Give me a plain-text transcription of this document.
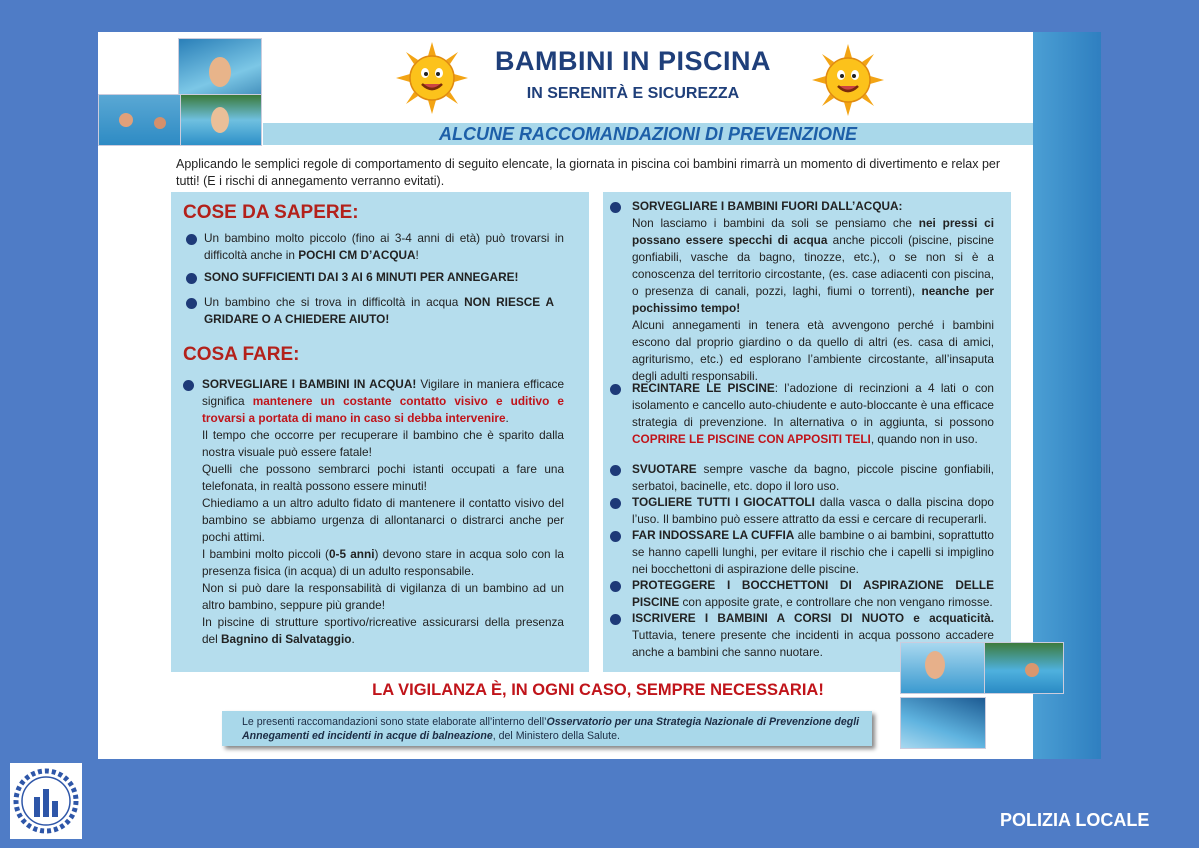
BAMBINI IN PISCINA
IN SERENITÀ E SICUREZZA
ALCUNE RACCOMANDAZIONI DI PREVENZIONE
Applicando le semplici regole di comportamento di seguito elencate, la giornata in piscina coi bambini rimarrà un momento di divertimento e relax per tutti! (E i rischi di annegamento verranno evitati).
COSE DA SAPERE:
Un bambino molto piccolo (fino ai 3-4 anni di età) può trovarsi in difficoltà anche in POCHI CM D’ACQUA!
SONO SUFFICIENTI DAI 3 AI 6 MINUTI PER ANNEGARE!
Un bambino che si trova in difficoltà in acqua NON RIESCE A GRIDARE O A CHIEDERE AIUTO!
COSA FARE:
SORVEGLIARE I BAMBINI IN ACQUA! Vigilare in maniera efficace significa mantenere un costante contatto visivo e uditivo e trovarsi a portata di mano in caso si debba intervenire.
Il tempo che occorre per recuperare il bambino che è sparito dalla nostra visuale può essere fatale!
Quelli che possono sembrarci pochi istanti occupati a fare una telefonata, in realtà possono essere minuti!
Chiediamo a un altro adulto fidato di mantenere il contatto visivo del bambino se abbiamo urgenza di allontanarci o distrarci anche per pochi attimi.
I bambini molto piccoli (0-5 anni) devono stare in acqua solo con la presenza fisica (in acqua) di un adulto responsabile.
Non si può dare la responsabilità di vigilanza di un bambino ad un altro bambino, seppure più grande!
In piscine di strutture sportivo/ricreative assicurarsi della presenza del Bagnino di Salvataggio.
SORVEGLIARE I BAMBINI FUORI DALL’ACQUA:
Non lasciamo i bambini da soli se pensiamo che nei pressi ci possano essere specchi di acqua anche piccoli (piscine, piscine gonfiabili, vasche da bagno, tinozze, etc.), o se non si è a conoscenza del territorio circostante, (es. case adiacenti con piscina, o presenza di canali, pozzi, laghi, fiumi o torrenti), neanche per pochissimo tempo!
Alcuni annegamenti in tenera età avvengono perché i bambini escono dal proprio giardino o da quello di altri (es. casa di amici, agriturismo, etc.) ed esplorano l’ambiente circostante, all’insaputa degli adulti responsabili.
RECINTARE LE PISCINE: l’adozione di recinzioni a 4 lati o con isolamento e cancello auto-chiudente e auto-bloccante è una efficace strategia di prevenzione. In alternativa o in aggiunta, si possono COPRIRE LE PISCINE CON APPOSITI TELI, quando non in uso.
SVUOTARE sempre vasche da bagno, piccole piscine gonfiabili, serbatoi, bacinelle, etc. dopo il loro uso.
TOGLIERE TUTTI I GIOCATTOLI dalla vasca o dalla piscina dopo l’uso. Il bambino può essere attratto da essi e cercare di recuperarli.
FAR INDOSSARE LA CUFFIA alle bambine o ai bambini, soprattutto se hanno capelli lunghi, per evitare il rischio che i capelli si impiglino nei bocchettoni di aspirazione delle piscine.
PROTEGGERE I BOCCHETTONI DI ASPIRAZIONE DELLE PISCINE con apposite grate, e controllare che non vengano rimosse.
ISCRIVERE I BAMBINI A CORSI DI NUOTO e acquaticità. Tuttavia, tenere presente che incidenti in acqua possono accadere anche a bambini che sanno nuotare.
LA VIGILANZA È, IN OGNI CASO, SEMPRE NECESSARIA!
Le presenti raccomandazioni sono state elaborate all’interno dell’Osservatorio per una Strategia Nazionale di Prevenzione degli Annegamenti ed incidenti in acque di balneazione, del Ministero della Salute.
POLIZIA LOCALE
